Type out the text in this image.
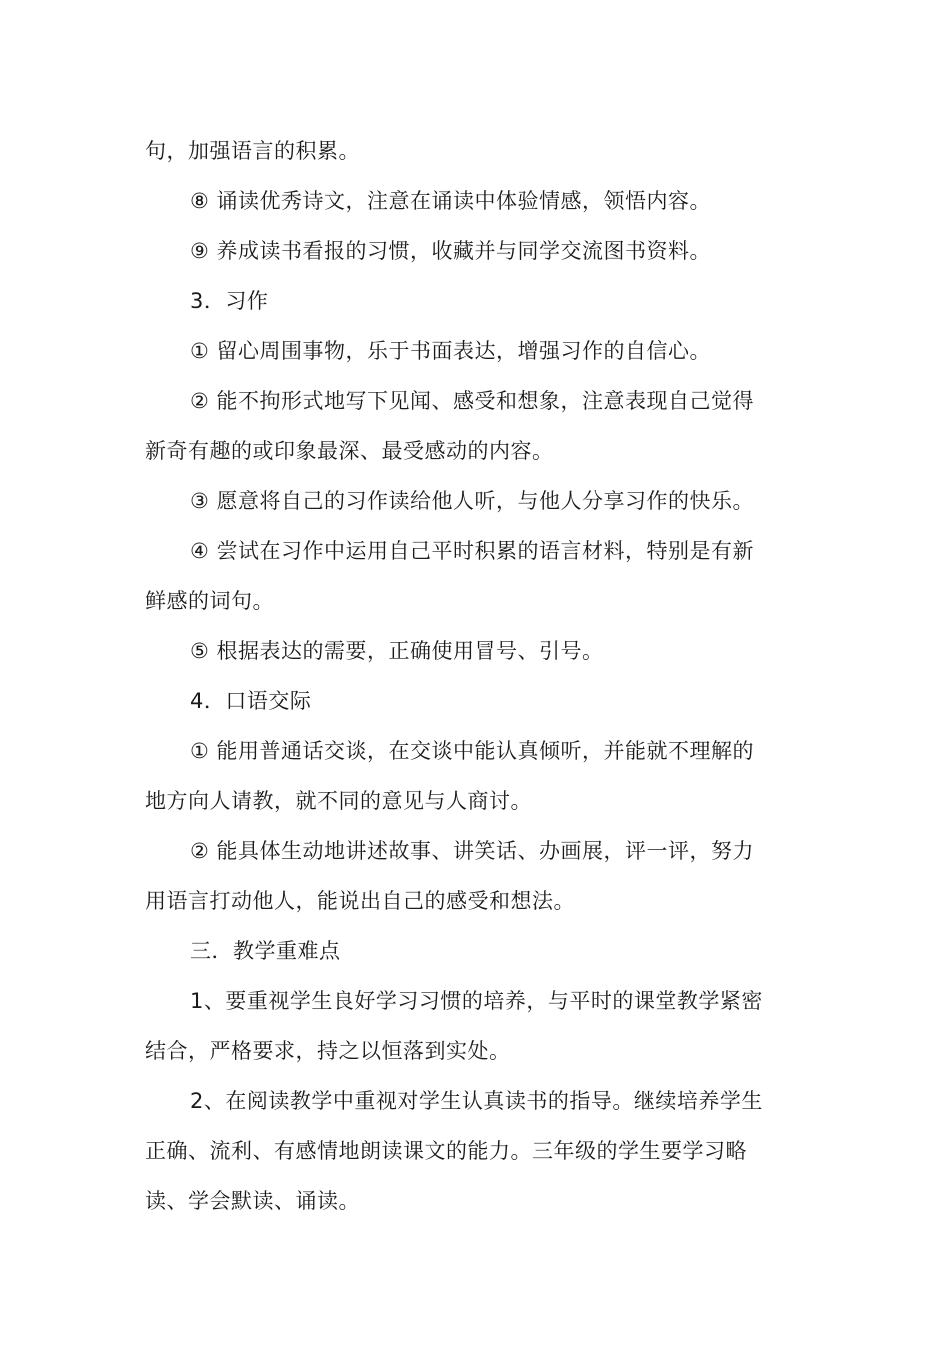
句，加强语言的积累。
⑧ 诵读优秀诗文，注意在诵读中体验情感，领悟内容。
⑨ 养成读书看报的习惯，收藏并与同学交流图书资料。
3．习作
① 留心周围事物，乐于书面表达，增强习作的自信心。
② 能不拘形式地写下见闻、感受和想象，注意表现自己觉得
新奇有趣的或印象最深、最受感动的内容。
③ 愿意将自己的习作读给他人听，与他人分享习作的快乐。
④ 尝试在习作中运用自己平时积累的语言材料，特别是有新
鲜感的词句。
⑤ 根据表达的需要，正确使用冒号、引号。
4．口语交际
① 能用普通话交谈，在交谈中能认真倾听，并能就不理解的
地方向人请教，就不同的意见与人商讨。
② 能具体生动地讲述故事、讲笑话、办画展，评一评，努力
用语言打动他人，能说出自己的感受和想法。
三．教学重难点
1、要重视学生良好学习习惯的培养，与平时的课堂教学紧密
结合，严格要求，持之以恒落到实处。
2、在阅读教学中重视对学生认真读书的指导。继续培养学生
正确、流利、有感情地朗读课文的能力。三年级的学生要学习略
读、学会默读、诵读。
